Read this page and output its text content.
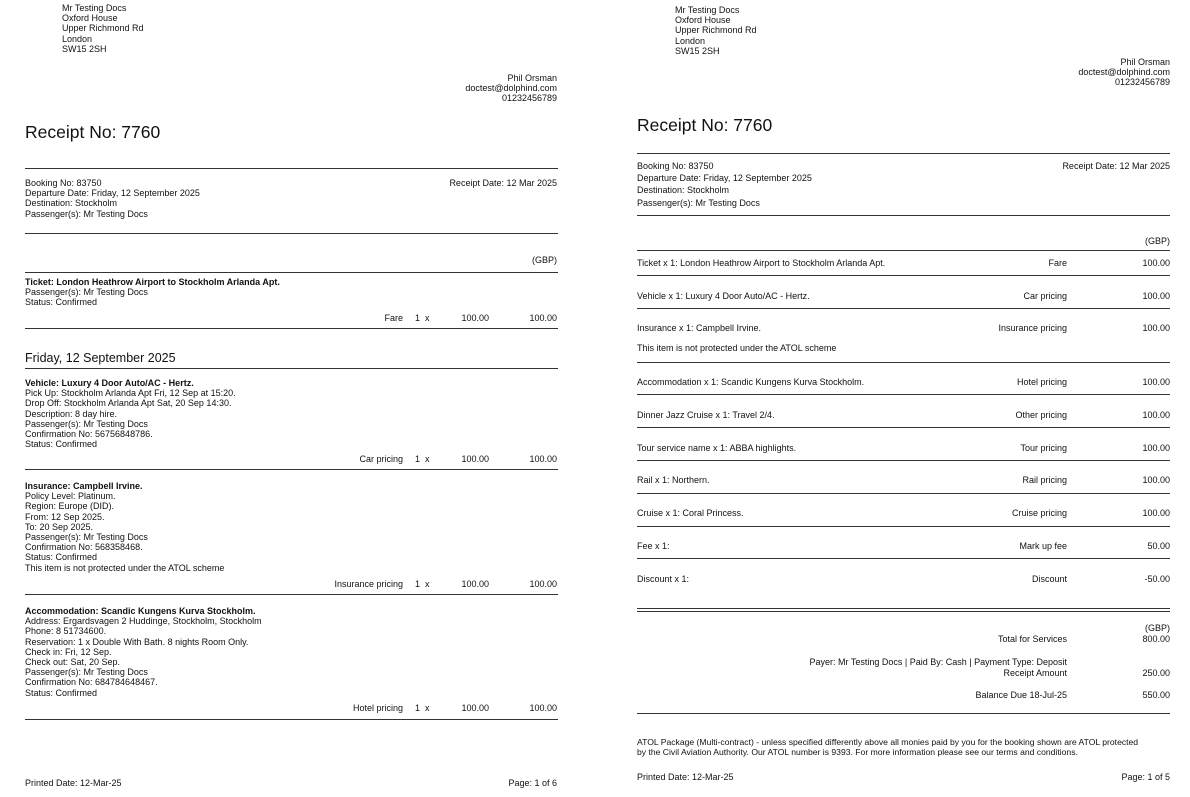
Mr Testing Docs
Oxford House
Upper Richmond Rd
London
SW15 2SH
Phil Orsman
doctest@dolphind.com
01232456789
Receipt No: 7760
Booking No: 83750
Departure Date: Friday, 12 September 2025
Destination: Stockholm
Passenger(s): Mr Testing Docs
Receipt Date: 12 Mar 2025
(GBP)
Ticket: London Heathrow Airport to Stockholm Arlanda Apt.
Passenger(s): Mr Testing Docs
Status: Confirmed
Fare 1 x	100.00	100.00
Friday, 12 September 2025
Vehicle: Luxury 4 Door Auto/AC - Hertz.
Pick Up: Stockholm Arlanda Apt Fri, 12 Sep at 15:20.
Drop Off: Stockholm Arlanda Apt Sat, 20 Sep 14:30.
Description: 8 day hire.
Passenger(s): Mr Testing Docs
Confirmation No: 56756848786.
Status: Confirmed
Car pricing 1 x	100.00	100.00
Insurance: Campbell Irvine.
Policy Level: Platinum.
Region: Europe (DID).
From: 12 Sep 2025.
To: 20 Sep 2025.
Passenger(s): Mr Testing Docs
Confirmation No: 568358468.
Status: Confirmed
This item is not protected under the ATOL scheme
Insurance pricing 1 x	100.00	100.00
Accommodation: Scandic Kungens Kurva Stockholm.
Address: Ergardsvagen 2 Huddinge, Stockholm, Stockholm
Phone: 8 51734600.
Reservation: 1 x Double With Bath. 8 nights Room Only.
Check in: Fri, 12 Sep.
Check out: Sat, 20 Sep.
Passenger(s): Mr Testing Docs
Confirmation No: 684784648467.
Status: Confirmed
Hotel pricing 1 x	100.00	100.00
Printed Date: 12-Mar-25	Page: 1 of 6
Mr Testing Docs
Oxford House
Upper Richmond Rd
London
SW15 2SH
Phil Orsman
doctest@dolphind.com
01232456789
Receipt No: 7760
Booking No: 83750
Departure Date: Friday, 12 September 2025
Destination: Stockholm
Passenger(s): Mr Testing Docs
Receipt Date: 12 Mar 2025
(GBP)
Ticket x 1: London Heathrow Airport to Stockholm Arlanda Apt.	Fare	100.00
Vehicle x 1: Luxury 4 Door Auto/AC - Hertz.	Car pricing	100.00
Insurance x 1: Campbell Irvine.	Insurance pricing	100.00
This item is not protected under the ATOL scheme
Accommodation x 1: Scandic Kungens Kurva Stockholm.	Hotel pricing	100.00
Dinner Jazz Cruise x 1: Travel 2/4.	Other pricing	100.00
Tour service name x 1: ABBA highlights.	Tour pricing	100.00
Rail x 1: Northern.	Rail pricing	100.00
Cruise x 1: Coral Princess.	Cruise pricing	100.00
Fee x 1:	Mark up fee	50.00
Discount x 1:	Discount	-50.00
(GBP)
Total for Services	800.00
Payer: Mr Testing Docs | Paid By: Cash | Payment Type: Deposit
Receipt Amount	250.00
Balance Due 18-Jul-25	550.00
ATOL Package (Multi-contract) - unless specified differently above all monies paid by you for the booking shown are ATOL protected
by the Civil Aviation Authority. Our ATOL number is 9393. For more information please see our terms and conditions.
Printed Date: 12-Mar-25	Page: 1 of 5
